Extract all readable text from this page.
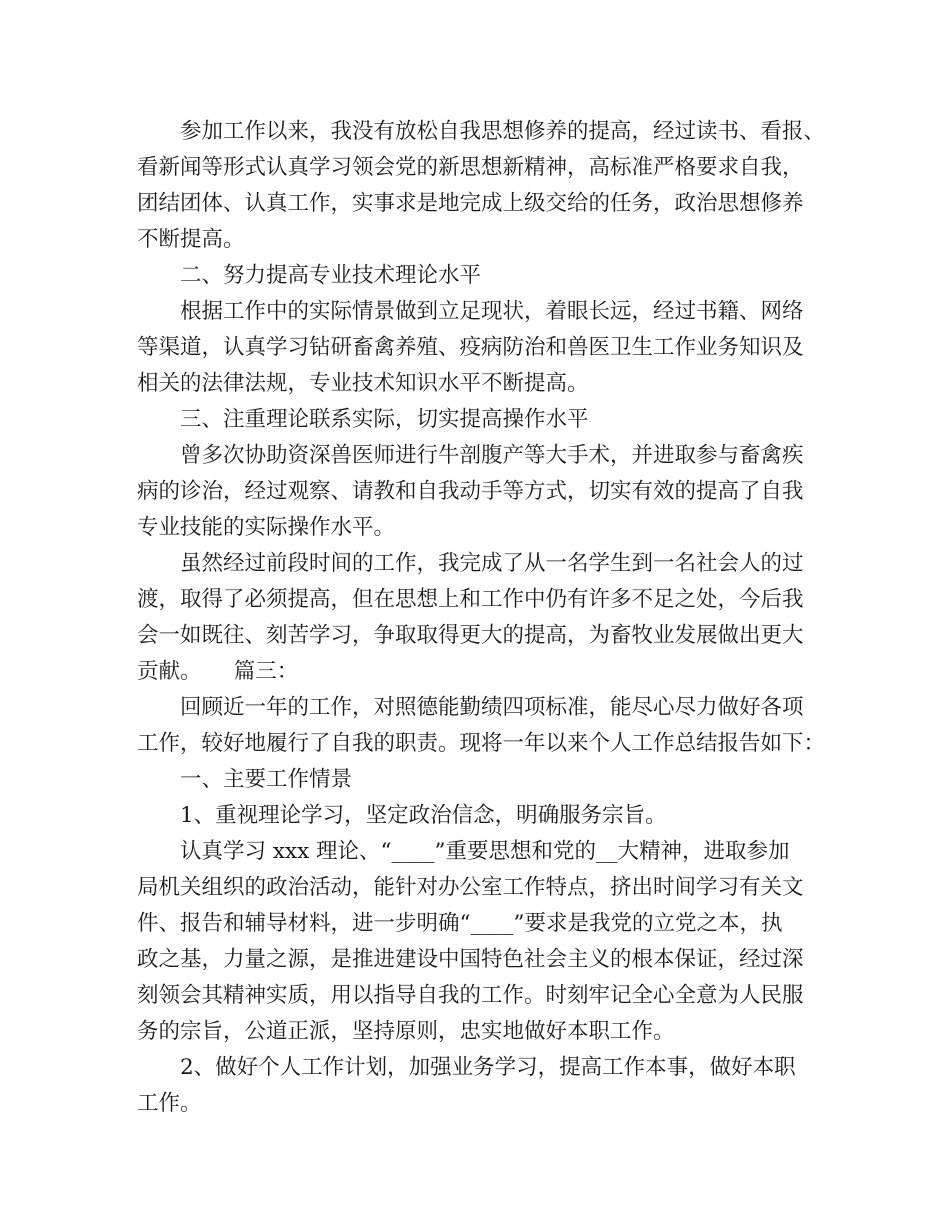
参加工作以来，我没有放松自我思想修养的提高，经过读书、看报、
看新闻等形式认真学习领会党的新思想新精神，高标准严格要求自我，
团结团体、认真工作，实事求是地完成上级交给的任务，政治思想修养
不断提高。
二、努力提高专业技术理论水平
根据工作中的实际情景做到立足现状，着眼长远，经过书籍、网络
等渠道，认真学习钻研畜禽养殖、疫病防治和兽医卫生工作业务知识及
相关的法律法规，专业技术知识水平不断提高。
三、注重理论联系实际，切实提高操作水平
曾多次协助资深兽医师进行牛剖腹产等大手术，并进取参与畜禽疾
病的诊治，经过观察、请教和自我动手等方式，切实有效的提高了自我
专业技能的实际操作水平。
虽然经过前段时间的工作，我完成了从一名学生到一名社会人的过
渡，取得了必须提高，但在思想上和工作中仍有许多不足之处，今后我
会一如既往、刻苦学习，争取取得更大的提高，为畜牧业发展做出更大
贡献。　　篇三：
回顾近一年的工作，对照德能勤绩四项标准，能尽心尽力做好各项
工作，较好地履行了自我的职责。现将一年以来个人工作总结报告如下：
一、主要工作情景
1、重视理论学习，坚定政治信念，明确服务宗旨。
认真学习 xxx 理论、“____”重要思想和党的__大精神，进取参加
局机关组织的政治活动，能针对办公室工作特点，挤出时间学习有关文
件、报告和辅导材料，进一步明确“____”要求是我党的立党之本，执
政之基，力量之源，是推进建设中国特色社会主义的根本保证，经过深
刻领会其精神实质，用以指导自我的工作。时刻牢记全心全意为人民服
务的宗旨，公道正派，坚持原则，忠实地做好本职工作。
2、做好个人工作计划，加强业务学习，提高工作本事，做好本职
工作。
